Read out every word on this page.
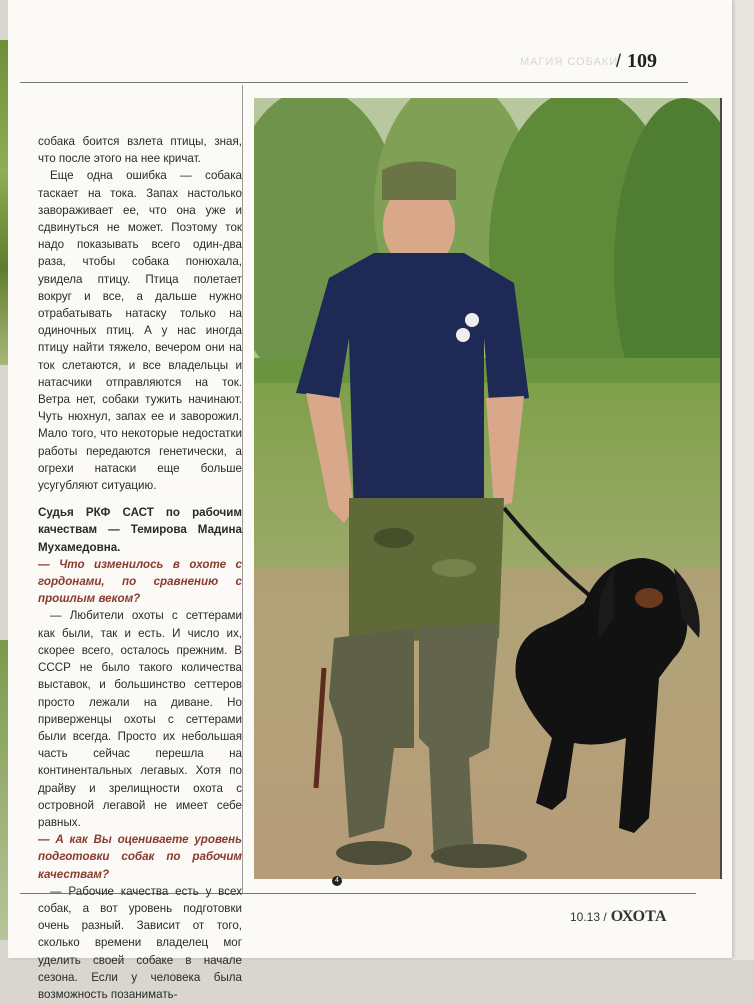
МАГИЯ СОБАКИ
/ 109

собака боится взлета птицы, зная, что после этого на нее кричат.

Еще одна ошибка — собака таскает на тока. Запах настолько завораживает ее, что она уже и сдвинуться не может. Поэтому ток надо показывать всего один-два раза, чтобы собака понюхала, увидела птицу. Птица полетает вокруг и все, а дальше нужно отрабатывать натаску только на одиночных птиц. А у нас иногда птицу найти тяжело, вечером они на ток слетаются, и все владельцы и натасчики отправляются на ток. Ветра нет, собаки тужить начинают. Чуть нюхнул, запах ее и заворожил. Мало того, что некоторые недостатки работы передаются генетически, а огрехи натаски еще больше усугубляют ситуацию.

Судья РКФ САСТ по рабочим качествам — Темирова Мадина Мухамедовна.

— Что изменилось в охоте с гордонами, по сравнению с прошлым веком?

— Любители охоты с сеттерами как были, так и есть. И число их, скорее всего, осталось прежним. В СССР не было такого количества выставок, и большинство сеттеров просто лежали на диване. Но приверженцы охоты с сеттерами были всегда. Просто их небольшая часть сейчас перешла на континентальных легавых. Хотя по драйву и зрелищности охота с островной легавой не имеет себе равных.

— А как Вы оцениваете уровень подготовки собак по рабочим качествам?

— Рабочие качества есть у всех собак, а вот уровень подготовки очень разный. Зависит от того, сколько времени владелец мог уделить своей собаке в начале сезона. Если у человека была возможность позанимать-

4
10.13 / ОХОТА
